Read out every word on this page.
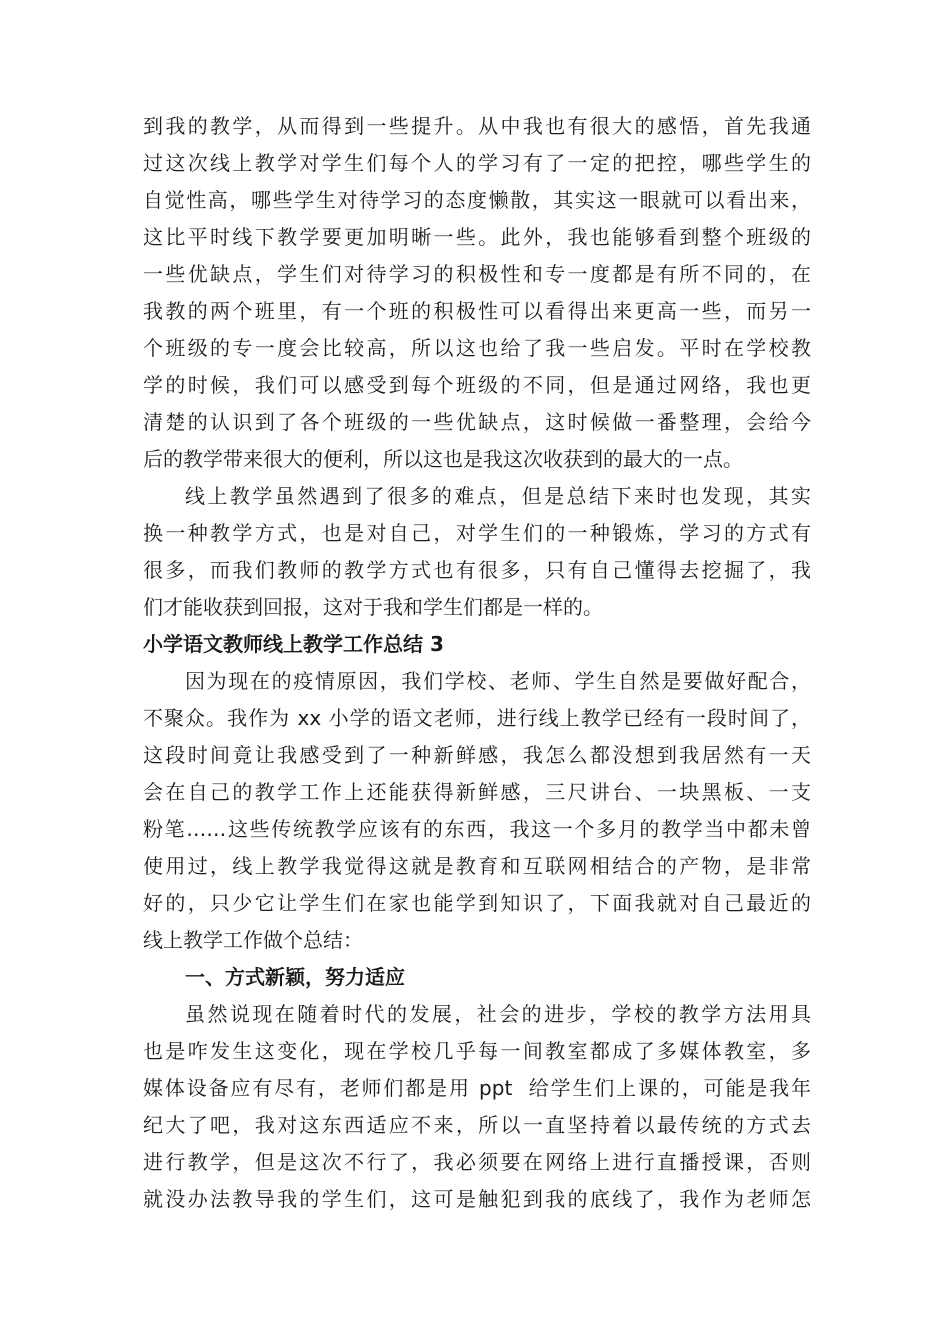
到我的教学，从而得到一些提升。从中我也有很大的感悟，首先我通
过这次线上教学对学生们每个人的学习有了一定的把控，哪些学生的
自觉性高，哪些学生对待学习的态度懒散，其实这一眼就可以看出来，
这比平时线下教学要更加明晰一些。此外，我也能够看到整个班级的
一些优缺点，学生们对待学习的积极性和专一度都是有所不同的，在
我教的两个班里，有一个班的积极性可以看得出来更高一些，而另一
个班级的专一度会比较高，所以这也给了我一些启发。平时在学校教
学的时候，我们可以感受到每个班级的不同，但是通过网络，我也更
清楚的认识到了各个班级的一些优缺点，这时候做一番整理，会给今
后的教学带来很大的便利，所以这也是我这次收获到的最大的一点。
线上教学虽然遇到了很多的难点，但是总结下来时也发现，其实
换一种教学方式，也是对自己，对学生们的一种锻炼，学习的方式有
很多，而我们教师的教学方式也有很多，只有自己懂得去挖掘了，我
们才能收获到回报，这对于我和学生们都是一样的。
小学语文教师线上教学工作总结 3
因为现在的疫情原因，我们学校、老师、学生自然是要做好配合，
不聚众。我作为 xx 小学的语文老师，进行线上教学已经有一段时间了，
这段时间竟让我感受到了一种新鲜感，我怎么都没想到我居然有一天
会在自己的教学工作上还能获得新鲜感，三尺讲台、一块黑板、一支
粉笔……这些传统教学应该有的东西，我这一个多月的教学当中都未曾
使用过，线上教学我觉得这就是教育和互联网相结合的产物，是非常
好的，只少它让学生们在家也能学到知识了，下面我就对自己最近的
线上教学工作做个总结：
一、方式新颖，努力适应
虽然说现在随着时代的发展，社会的进步，学校的教学方法用具
也是咋发生这变化，现在学校几乎每一间教室都成了多媒体教室，多
媒体设备应有尽有，老师们都是用 ppt  给学生们上课的，可能是我年
纪大了吧，我对这东西适应不来，所以一直坚持着以最传统的方式去
进行教学，但是这次不行了，我必须要在网络上进行直播授课，否则
就没办法教导我的学生们，这可是触犯到我的底线了，我作为老师怎
